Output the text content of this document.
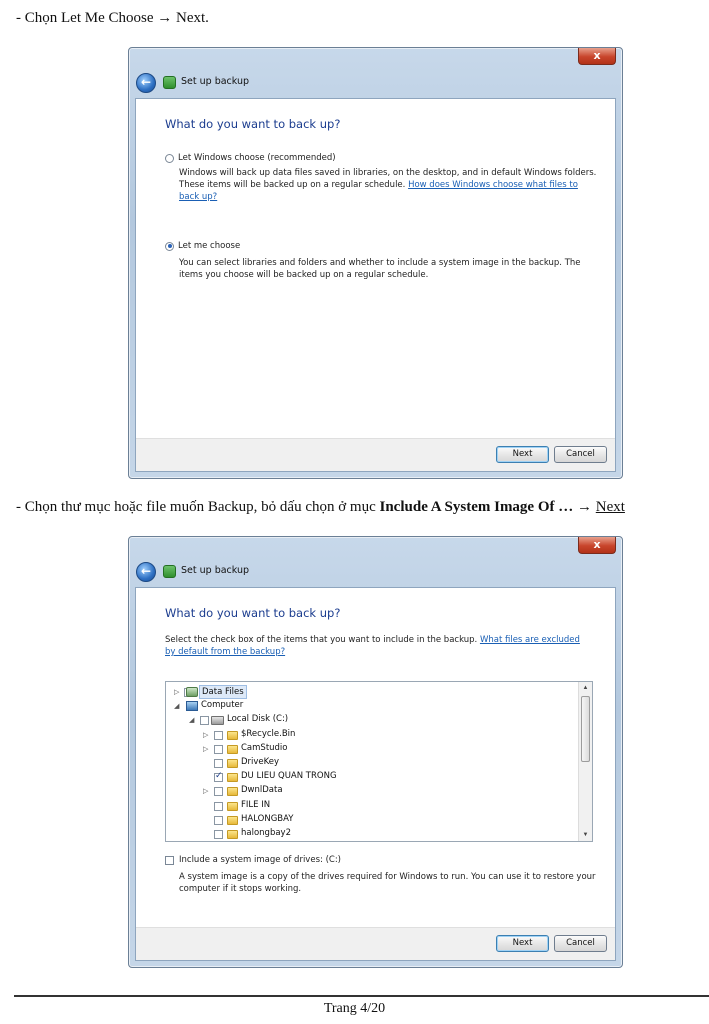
- Chọn Let Me Choose → Next.
x
←	Set up backup
What do you want to back up?
Let Windows choose (recommended)
Windows will back up data files saved in libraries, on the desktop, and in default Windows folders. These items will be backed up on a regular schedule. How does Windows choose what files to back up?
Let me choose
You can select libraries and folders and whether to include a system image in the backup. The items you choose will be backed up on a regular schedule.
Next	Cancel
- Chọn thư mục hoặc file muốn Backup, bỏ dấu chọn ở mục Include A System Image Of … → Next
x
←	Set up backup
What do you want to back up?
Select the check box of the items that you want to include in the backup. What files are excluded by default from the backup?
▷	Data Files
◢	Computer
◢	Local Disk (C:)
▷	$Recycle.Bin
▷	CamStudio
DriveKey
✓
DU LIEU QUAN TRONG
▷	DwnlData
FILE IN
HALONGBAY
halongbay2
▲
▼
Include a system image of drives: (C:)
A system image is a copy of the drives required for Windows to run. You can use it to restore your computer if it stops working.
Next	Cancel
Trang 4/20
